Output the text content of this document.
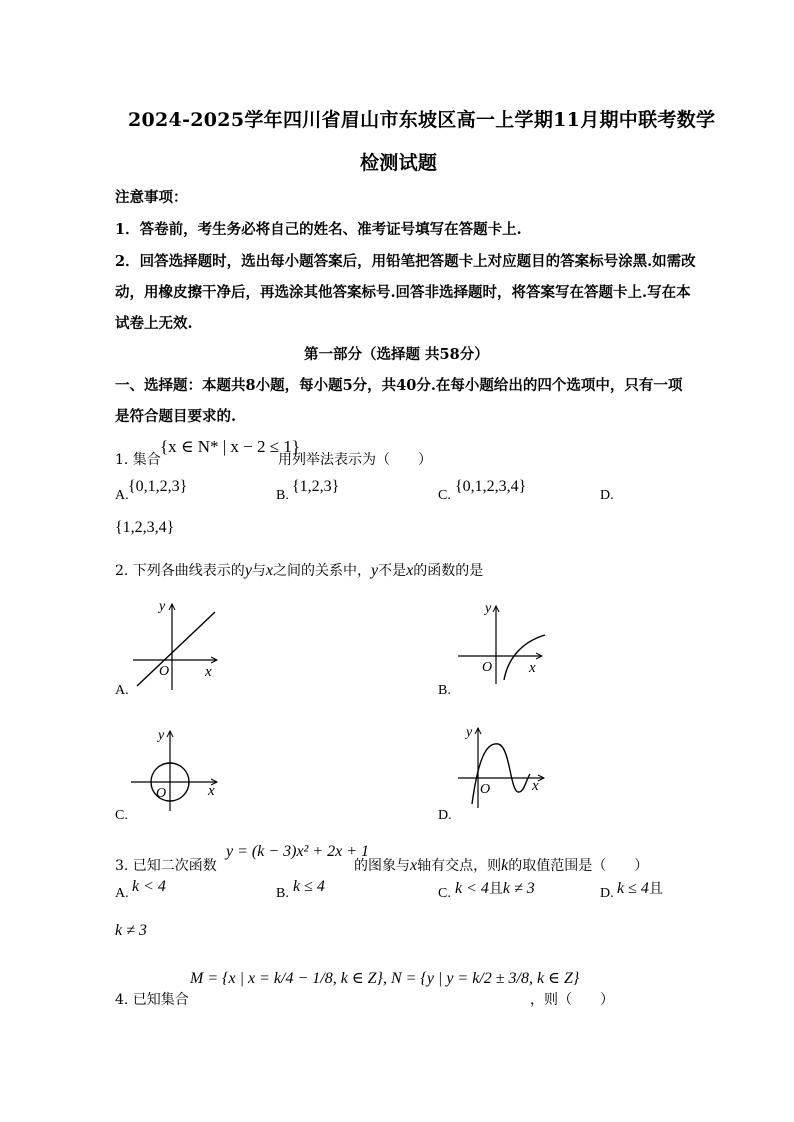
2024-2025学年四川省眉山市东坡区高一上学期11月期中联考数学
检测试题
注意事项：
1．答卷前，考生务必将自己的姓名、准考证号填写在答题卡上.
2．回答选择题时，选出每小题答案后，用铅笔把答题卡上对应题目的答案标号涂黑.如需改
动，用橡皮擦干净后，再选涂其他答案标号.回答非选择题时，将答案写在答题卡上.写在本
试卷上无效.
第一部分（选择题 共58分）
一、选择题：本题共8小题，每小题5分，共40分.在每小题给出的四个选项中，只有一项
是符合题目要求的.
1. 集合
{x ∈ N* | x − 2 ≤ 1}
用列举法表示为（　　）
A.
{0,1,2,3}
B.
{1,2,3}
C.
{0,1,2,3,4}
D.
{1,2,3,4}
2. 下列各曲线表示的y与x之间的关系中，y不是x的函数的是
x
y
O
A.
x
y
O
B.
x
y
O
C.
x
y
O
D.
3. 已知二次函数
y = (k − 3)x² + 2x + 1
的图象与x轴有交点，则k的取值范围是（　　）
A. k < 4	B. k ≤ 4	C. k < 4且k ≠ 3	D. k ≤ 4且
k ≠ 3
M = {x | x = k/4 − 1/8, k ∈ Z}, N = {y | y = k/2 ± 3/8, k ∈ Z}
4. 已知集合	，则（　　）
